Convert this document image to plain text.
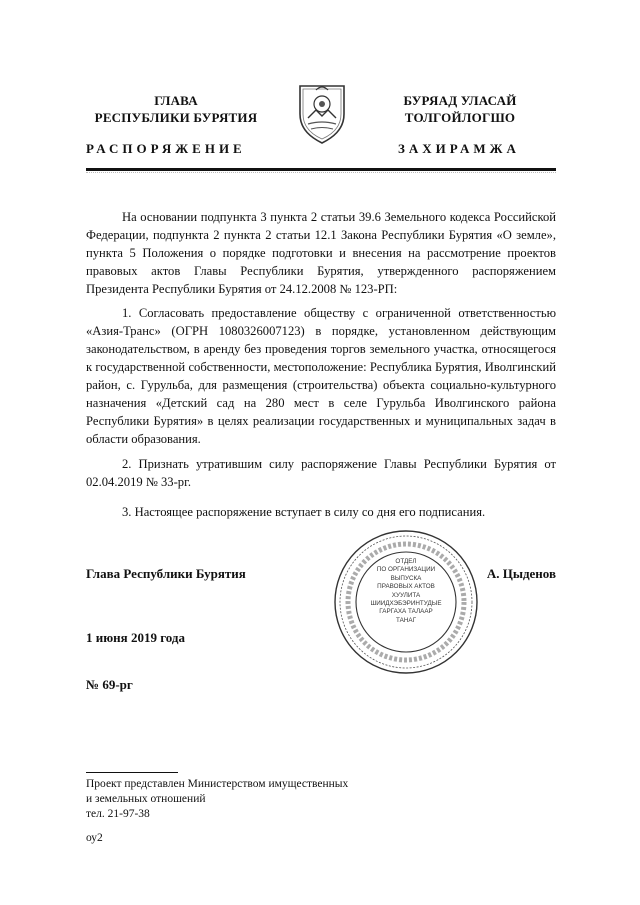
ГЛАВА
РЕСПУБЛИКИ БУРЯТИЯ
БУРЯАД УЛАСАЙ
ТОЛГОЙЛОГШО
РАСПОРЯЖЕНИЕ	ЗАХИРАМЖА
На основании подпункта 3 пункта 2 статьи 39.6 Земельного кодекса Российской Федерации, подпункта 2 пункта 2 статьи 12.1 Закона Республики Бурятия «О земле», пункта 5 Положения о порядке подготовки и внесения на рассмотрение проектов правовых актов Главы Республики Бурятия, утвержденного распоряжением Президента Республики Бурятия от 24.12.2008 № 123-РП:
1. Согласовать предоставление обществу с ограниченной ответственностью «Азия-Транс» (ОГРН 1080326007123) в порядке, установленном действующим законодательством, в аренду без проведения торгов земельного участка, относящегося к государственной собственности, местоположение: Республика Бурятия, Иволгинский район, с. Гурульба, для размещения (строительства) объекта социально-культурного назначения «Детский сад на 280 мест в селе Гурульба Иволгинского района Республики Бурятия» в целях реализации государственных и муниципальных задач в области образования.
2. Признать утратившим силу распоряжение Главы Республики Бурятия от 02.04.2019 № 33-рг.
3. Настоящее распоряжение вступает в силу со дня его подписания.
ОТДЕЛ
ПО ОРГАНИЗАЦИИ
ВЫПУСКА
ПРАВОВЫХ АКТОВ
ХУУЛИТА
ШИИДХЭБЭРИНТУДЫЕ
ГАРГАХА ТАЛААР
ТАНАГ
Глава Республики Бурятия	А. Цыденов
1 июня 2019 года
№ 69-рг
Проект представлен Министерством имущественных
и земельных отношений
тел. 21-97-38
оу2
